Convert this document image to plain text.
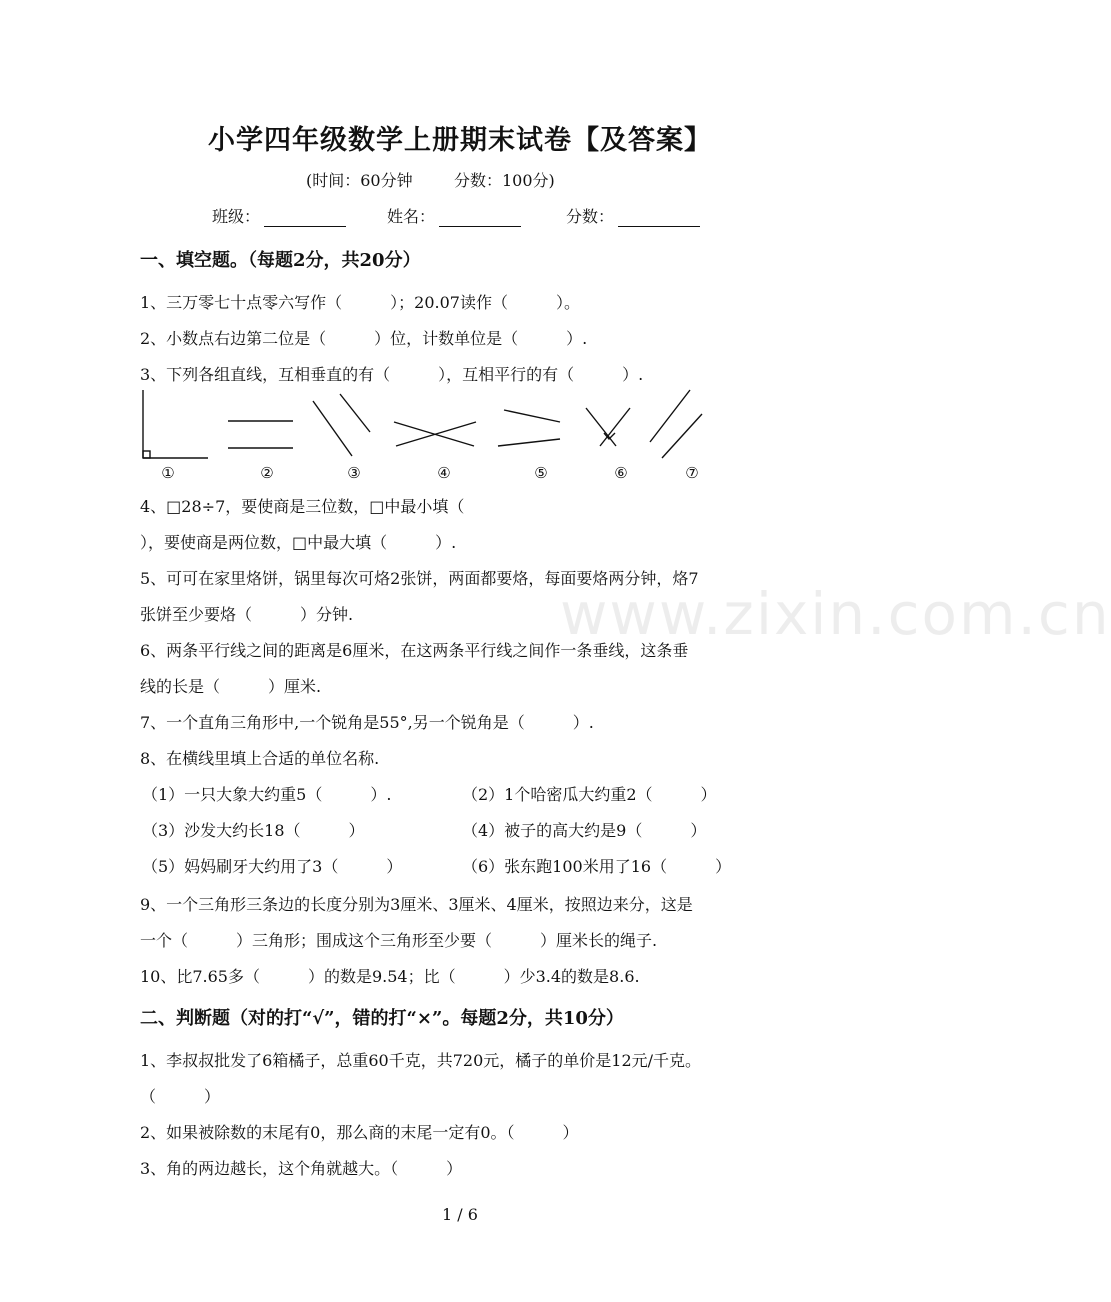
小学四年级数学上册期末试卷【及答案】
(时间：60分钟	分数：100分)
班级：	姓名：	分数：
一、填空题。（每题2分，共20分）
1、三万零七十点零六写作（　　　）；20.07读作（　　　）。
2、小数点右边第二位是（　　　）位，计数单位是（　　　）.
3、下列各组直线，互相垂直的有（　　　），互相平行的有（　　　）.
①	②	③	④	⑤	⑥	⑦
4、□28÷7，要使商是三位数，□中最小填（
），要使商是两位数，□中最大填（　　　）.
5、可可在家里烙饼，锅里每次可烙2张饼，两面都要烙，每面要烙两分钟，烙7
张饼至少要烙（　　　）分钟.
6、两条平行线之间的距离是6厘米，在这两条平行线之间作一条垂线，这条垂
线的长是（　　　）厘米.
7、一个直角三角形中,一个锐角是55°,另一个锐角是（　　　）.
8、在横线里填上合适的单位名称.
（1）一只大象大约重5（　　　）.	（2）1个哈密瓜大约重2（　　　）
（3）沙发大约长18（　　　）	（4）被子的高大约是9（　　　）
（5）妈妈刷牙大约用了3（　　　）	（6）张东跑100米用了16（　　　）
9、一个三角形三条边的长度分别为3厘米、3厘米、4厘米，按照边来分，这是
一个（　　　）三角形；围成这个三角形至少要（　　　）厘米长的绳子.
10、比7.65多（　　　）的数是9.54；比（　　　）少3.4的数是8.6.
二、判断题（对的打“√”，错的打“×”。每题2分，共10分）
1、李叔叔批发了6箱橘子，总重60千克，共720元，橘子的单价是12元/千克。
（　　　）
2、如果被除数的末尾有0，那么商的末尾一定有0。（　　　）
3、角的两边越长，这个角就越大。（　　　）
www.zixin.com.cn
1 / 6
